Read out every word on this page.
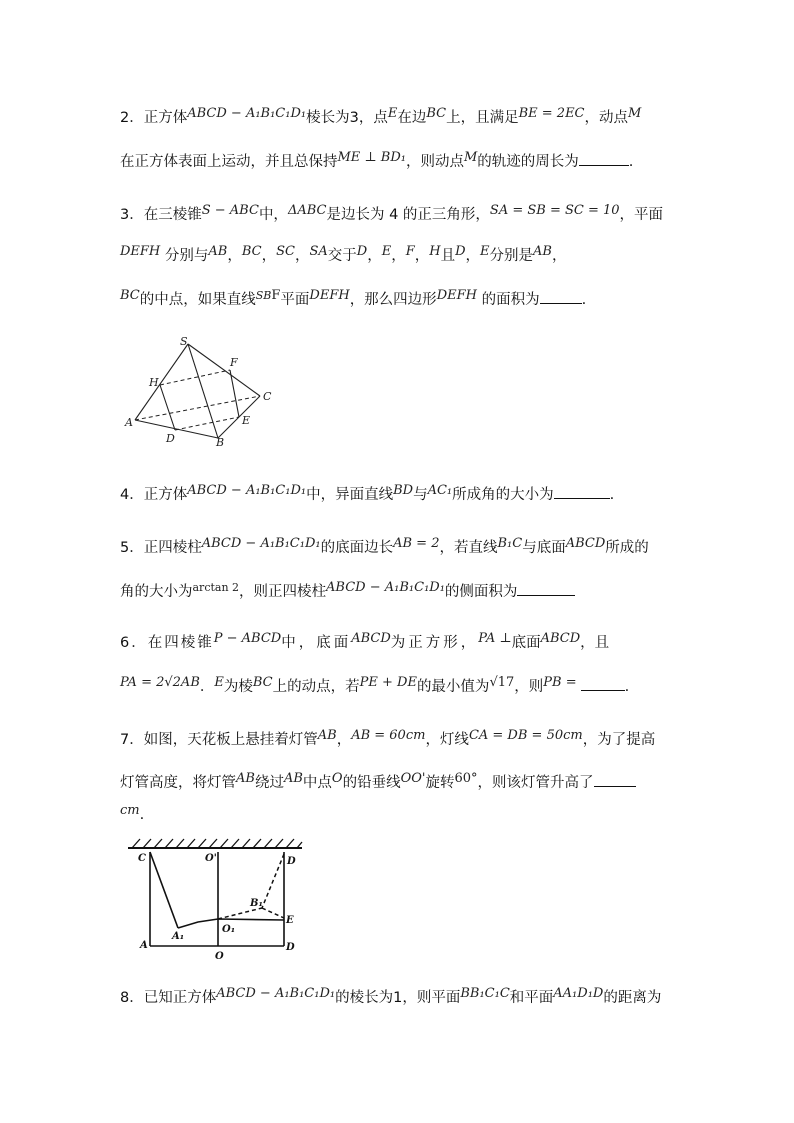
2．正方体ABCD − A₁B₁C₁D₁棱长为3，点E在边BC上，且满足BE = 2EC，动点M
在正方体表面上运动，并且总保持ME ⊥ BD₁，则动点M的轨迹的周长为	.
3．在三棱锥S − ABC中，ΔABC是边长为 4 的正三角形，SA = SB = SC = 10，平面
DEFH 分别与AB，BC，SC，SA交于D，E，F，H且D，E分别是AB，
BC的中点，如果直线$^{SB}$F平面DEFH，那么四边形DEFH 的面积为	.
S
F
H
C
A	E
D	B
4．正方体ABCD − A₁B₁C₁D₁中，异面直线BD与AC₁所成角的大小为	.
5．正四棱柱ABCD − A₁B₁C₁D₁的底面边长AB = 2，若直线B₁C与底面ABCD所成的
角的大小为$^{arctan 2}$，则正四棱柱ABCD − A₁B₁C₁D₁的侧面积为
6．在四棱锥P − ABCD中，底面ABCD为正方形，PA ⊥底面ABCD，且
PA = 2√2AB．E为棱BC上的动点，若PE + DE的最小值为√17，则PB =	.
7．如图，天花板上悬挂着灯管AB，AB = 60cm，灯线CA = DB = 50cm，为了提高
灯管高度，将灯管AB绕过AB中点O的铅垂线OO'旋转60°，则该灯管升高了
cm.
C	O'	D
B₁
E
A₁
O₁
A
O
D
8．已知正方体ABCD − A₁B₁C₁D₁的棱长为1，则平面BB₁C₁C和平面AA₁D₁D的距离为
